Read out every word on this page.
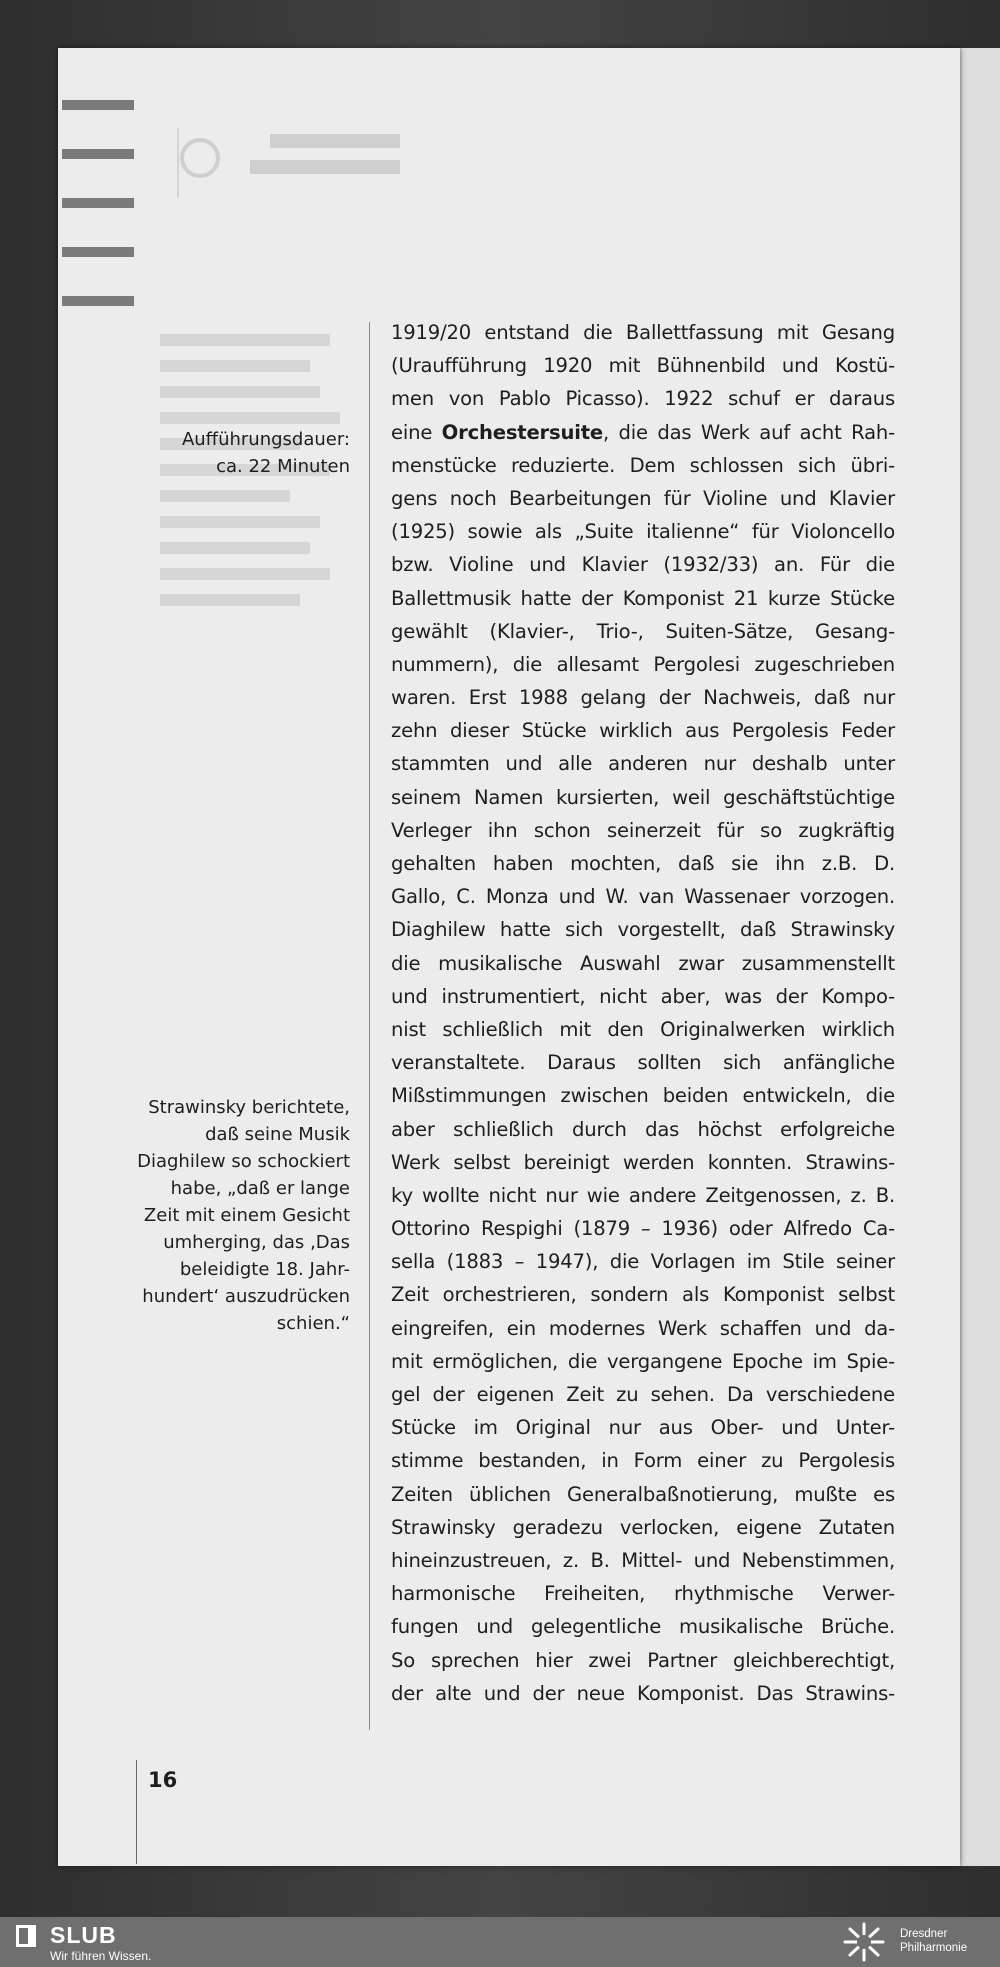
Aufführungsdauer:
ca. 22 Minuten
Strawinsky berichtete,
daß seine Musik
Diaghilew so schockiert
habe, „daß er lange
Zeit mit einem Gesicht
umherging, das ‚Das
beleidigte 18. Jahr-
hundert‘ auszudrücken
schien.“
1919/20 entstand die Ballettfassung mit Gesang
(Uraufführung 1920 mit Bühnenbild und Kostü-
men von Pablo Picasso). 1922 schuf er daraus
eine Orchestersuite, die das Werk auf acht Rah-
menstücke reduzierte. Dem schlossen sich übri-
gens noch Bearbeitungen für Violine und Klavier
(1925) sowie als „Suite italienne“ für Violoncello
bzw. Violine und Klavier (1932/33) an. Für die
Ballettmusik hatte der Komponist 21 kurze Stücke
gewählt (Klavier-, Trio-, Suiten-Sätze, Gesang-
nummern), die allesamt Pergolesi zugeschrieben
waren. Erst 1988 gelang der Nachweis, daß nur
zehn dieser Stücke wirklich aus Pergolesis Feder
stammten und alle anderen nur deshalb unter
seinem Namen kursierten, weil geschäftstüchtige
Verleger ihn schon seinerzeit für so zugkräftig
gehalten haben mochten, daß sie ihn z.B. D.
Gallo, C. Monza und W. van Wassenaer vorzogen.
Diaghilew hatte sich vorgestellt, daß Strawinsky
die musikalische Auswahl zwar zusammenstellt
und instrumentiert, nicht aber, was der Kompo-
nist schließlich mit den Originalwerken wirklich
veranstaltete. Daraus sollten sich anfängliche
Mißstimmungen zwischen beiden entwickeln, die
aber schließlich durch das höchst erfolgreiche
Werk selbst bereinigt werden konnten. Strawins-
ky wollte nicht nur wie andere Zeitgenossen, z. B.
Ottorino Respighi (1879 – 1936) oder Alfredo Ca-
sella (1883 – 1947), die Vorlagen im Stile seiner
Zeit orchestrieren, sondern als Komponist selbst
eingreifen, ein modernes Werk schaffen und da-
mit ermöglichen, die vergangene Epoche im Spie-
gel der eigenen Zeit zu sehen. Da verschiedene
Stücke im Original nur aus Ober- und Unter-
stimme bestanden, in Form einer zu Pergolesis
Zeiten üblichen Generalbaßnotierung, mußte es
Strawinsky geradezu verlocken, eigene Zutaten
hineinzustreuen, z. B. Mittel- und Nebenstimmen,
harmonische Freiheiten, rhythmische Verwer-
fungen und gelegentliche musikalische Brüche.
So sprechen hier zwei Partner gleichberechtigt,
der alte und der neue Komponist. Das Strawins-
16
SLUB
Wir führen Wissen.
Dresdner
Philharmonie
